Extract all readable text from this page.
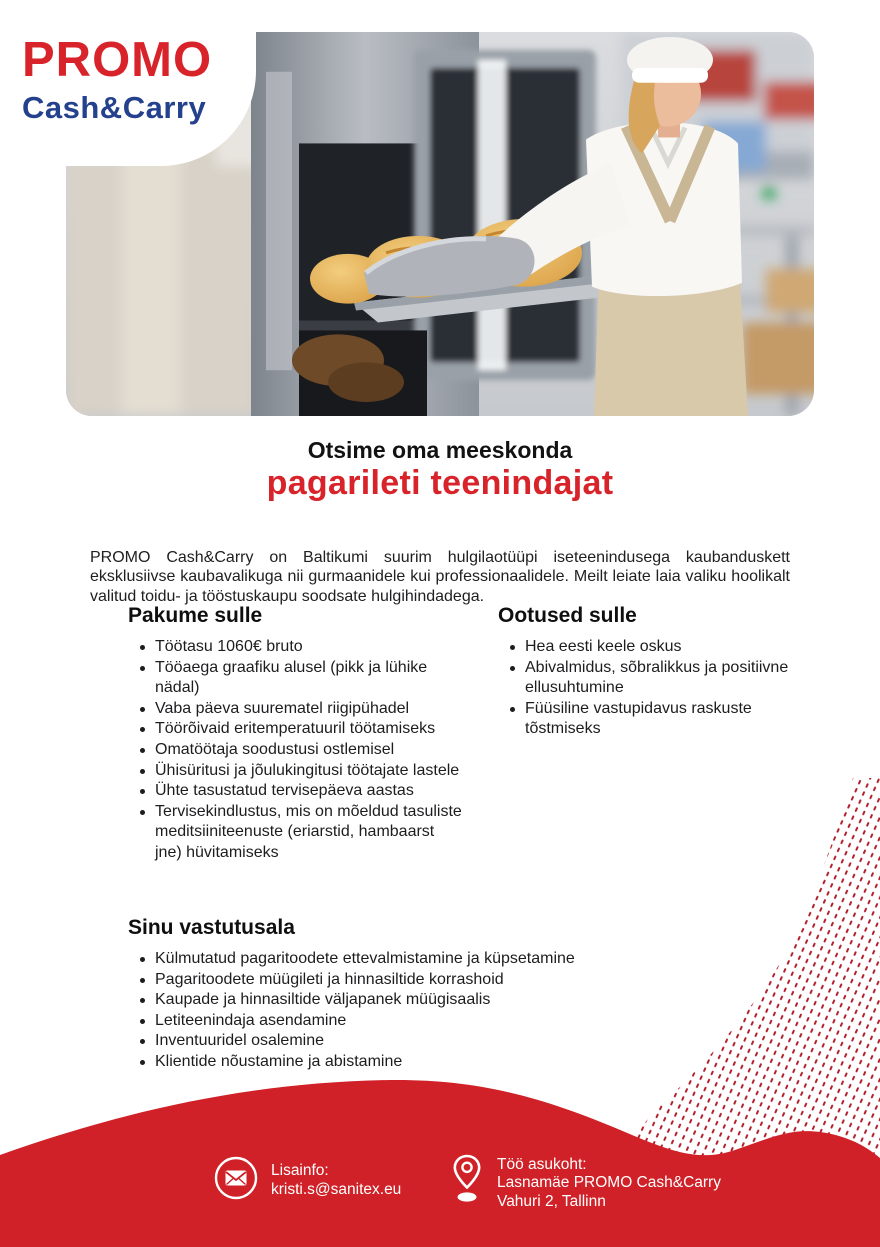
PROMO
Cash&Carry
Otsime oma meeskonda
pagarileti teenindajat

PROMO Cash&Carry on Baltikumi suurim hulgilaotüüpi iseteenindusega kaubanduskett eksklusiivse kaubavalikuga nii gurmaanidele kui professionaalidele. Meilt leiate laia valiku hoolikalt valitud toidu- ja tööstuskaupu soodsate hulgihindadega.

Pakume sulle
Töötasu 1060€ bruto
Tööaega graafiku alusel (pikk ja lühike nädal)
Vaba päeva suurematel riigipühadel
Töörõivaid eritemperatuuril töötamiseks
Omatöötaja soodustusi ostlemisel
Ühisüritusi ja jõulukingitusi töötajate lastele
Ühte tasustatud tervisepäeva aastas
Tervisekindlustus, mis on mõeldud tasuliste meditsiiniteenuste (eriarstid, hambaarst jne) hüvitamiseks
Ootused sulle
Hea eesti keele oskus
Abivalmidus, sõbralikkus ja positiivne ellusuhtumine
Füüsiline vastupidavus raskuste tõstmiseks
Sinu vastutusala
Külmutatud pagaritoodete ettevalmistamine ja küpsetamine
Pagaritoodete müügileti ja hinnasiltide korrashoid
Kaupade ja hinnasiltide väljapanek müügisaalis
Letiteenindaja asendamine
Inventuuridel osalemine
Klientide nõustamine ja abistamine
Lisainfo:
kristi.s@sanitex.eu
Töö asukoht:
Lasnamäe PROMO Cash&Carry
Vahuri 2, Tallinn
